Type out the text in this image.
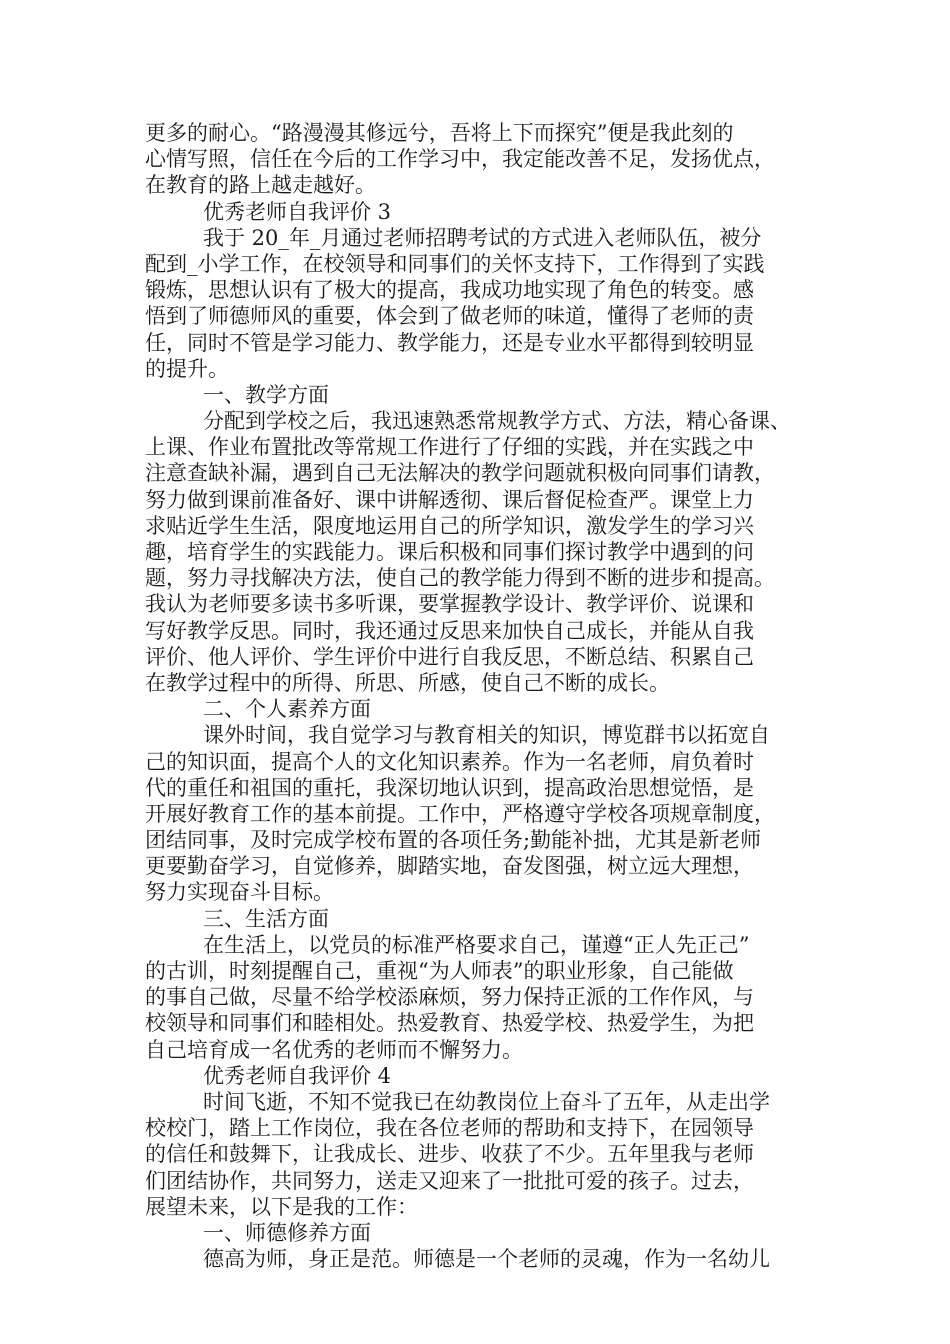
更多的耐心。“路漫漫其修远兮，吾将上下而探究”便是我此刻的
心情写照，信任在今后的工作学习中，我定能改善不足，发扬优点，
在教育的路上越走越好。
优秀老师自我评价 3
我于 20_年_月通过老师招聘考试的方式进入老师队伍，被分
配到_小学工作，在校领导和同事们的关怀支持下，工作得到了实践
锻炼，思想认识有了极大的提高，我成功地实现了角色的转变。感
悟到了师德师风的重要，体会到了做老师的味道，懂得了老师的责
任，同时不管是学习能力、教学能力，还是专业水平都得到较明显
的提升。
一、教学方面
分配到学校之后，我迅速熟悉常规教学方式、方法，精心备课、
上课、作业布置批改等常规工作进行了仔细的实践，并在实践之中
注意查缺补漏，遇到自己无法解决的教学问题就积极向同事们请教，
努力做到课前准备好、课中讲解透彻、课后督促检查严。课堂上力
求贴近学生生活，限度地运用自己的所学知识，激发学生的学习兴
趣，培育学生的实践能力。课后积极和同事们探讨教学中遇到的问
题，努力寻找解决方法，使自己的教学能力得到不断的进步和提高。
我认为老师要多读书多听课，要掌握教学设计、教学评价、说课和
写好教学反思。同时，我还通过反思来加快自己成长，并能从自我
评价、他人评价、学生评价中进行自我反思，不断总结、积累自己
在教学过程中的所得、所思、所感，使自己不断的成长。
二、个人素养方面
课外时间，我自觉学习与教育相关的知识，博览群书以拓宽自
己的知识面，提高个人的文化知识素养。作为一名老师，肩负着时
代的重任和祖国的重托，我深切地认识到，提高政治思想觉悟，是
开展好教育工作的基本前提。工作中，严格遵守学校各项规章制度，
团结同事，及时完成学校布置的各项任务;勤能补拙，尤其是新老师
更要勤奋学习，自觉修养，脚踏实地，奋发图强，树立远大理想，
努力实现奋斗目标。
三、生活方面
在生活上，以党员的标准严格要求自己，谨遵“正人先正己”
的古训，时刻提醒自己，重视“为人师表”的职业形象，自己能做
的事自己做，尽量不给学校添麻烦，努力保持正派的工作作风，与
校领导和同事们和睦相处。热爱教育、热爱学校、热爱学生，为把
自己培育成一名优秀的老师而不懈努力。
优秀老师自我评价 4
时间飞逝，不知不觉我已在幼教岗位上奋斗了五年，从走出学
校校门，踏上工作岗位，我在各位老师的帮助和支持下，在园领导
的信任和鼓舞下，让我成长、进步、收获了不少。五年里我与老师
们团结协作，共同努力，送走又迎来了一批批可爱的孩子。过去，
展望未来，以下是我的工作：
一、师德修养方面
德高为师，身正是范。师德是一个老师的灵魂，作为一名幼儿
